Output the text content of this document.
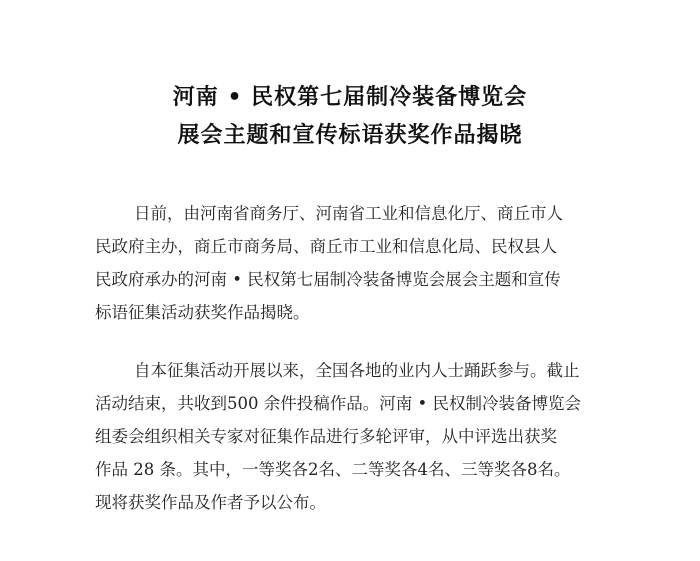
河南 • 民权第七届制冷装备博览会
展会主题和宣传标语获奖作品揭晓
日前，由河南省商务厅、河南省工业和信息化厅、商丘市人
民政府主办，商丘市商务局、商丘市工业和信息化局、民权县人
民政府承办的河南 • 民权第七届制冷装备博览会展会主题和宣传
标语征集活动获奖作品揭晓。
自本征集活动开展以来，全国各地的业内人士踊跃参与。截止
活动结束，共收到500 余件投稿作品。河南 • 民权制冷装备博览会
组委会组织相关专家对征集作品进行多轮评审，从中评选出获奖
作品 28 条。其中，一等奖各2名、二等奖各4名、三等奖各8名。
现将获奖作品及作者予以公布。
